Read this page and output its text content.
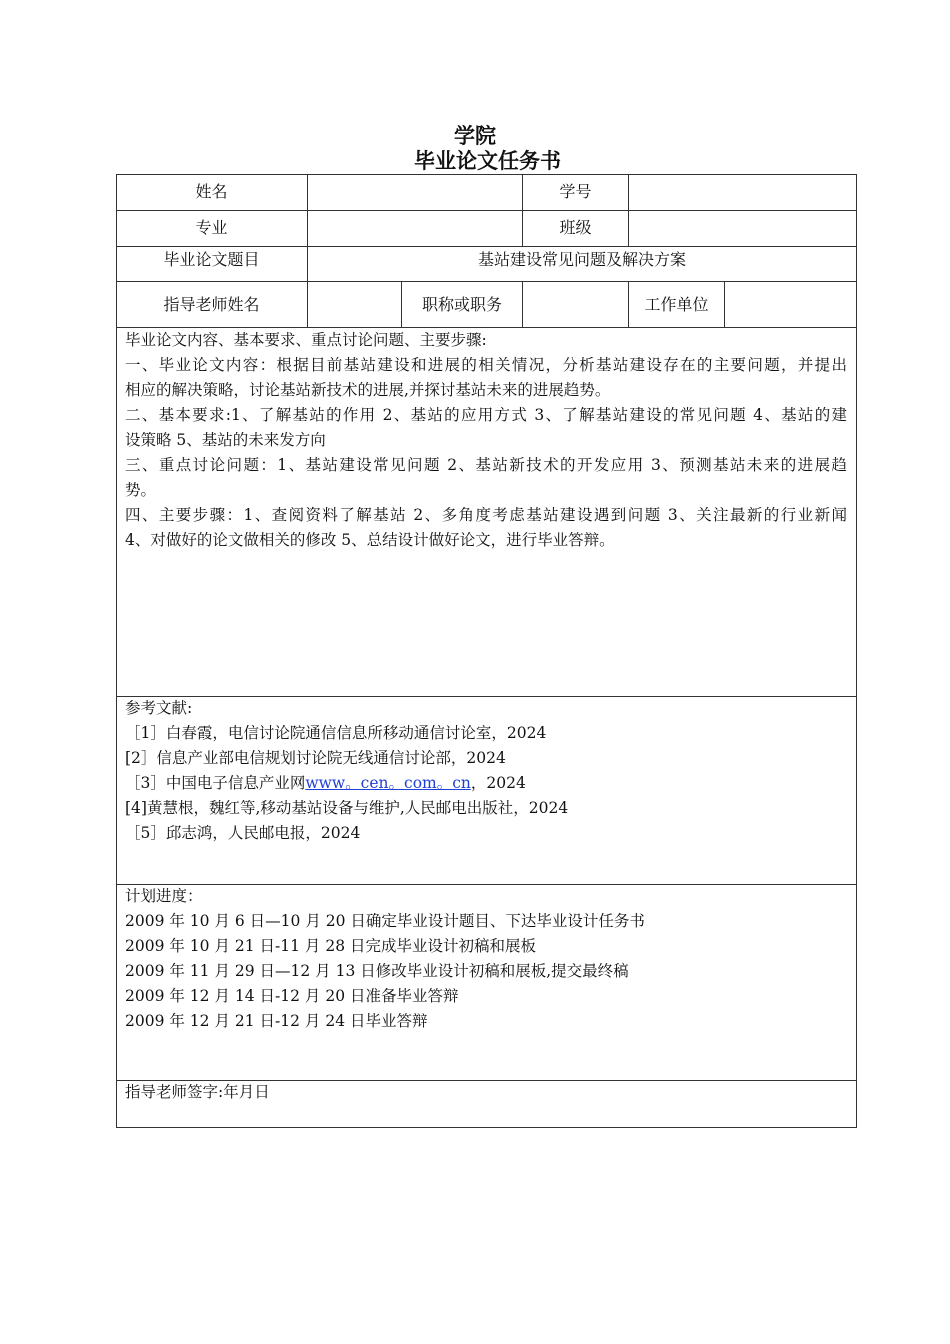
学院
毕业论文任务书
姓名	学号
专业	班级
毕业论文题目	基站建设常见问题及解决方案
指导老师姓名	职称或职务	工作单位
毕业论文内容、基本要求、重点讨论问题、主要步骤:
一、毕业论文内容：根据目前基站建设和进展的相关情况，分析基站建设存在的主要问题，并提出
相应的解决策略，讨论基站新技术的进展,并探讨基站未来的进展趋势。
二、基本要求:1、了解基站的作用 2、基站的应用方式 3、了解基站建设的常见问题 4、基站的建
设策略 5、基站的未来发方向
三、重点讨论问题：1、基站建设常见问题 2、基站新技术的开发应用 3、预测基站未来的进展趋
势。
四、主要步骤：1、查阅资料了解基站 2、多角度考虑基站建设遇到问题 3、关注最新的行业新闻
4、对做好的论文做相关的修改 5、总结设计做好论文，进行毕业答辩。
参考文献:
［1］白春霞，电信讨论院通信信息所移动通信讨论室，2024
[2］信息产业部电信规划讨论院无线通信讨论部，2024
［3］中国电子信息产业网www。cen。com。cn，2024
[4]黄慧根，魏红等,移动基站设备与维护,人民邮电出版社，2024
［5］邱志鸿，人民邮电报，2024
计划进度：
2009 年 10 月 6 日—10 月 20 日确定毕业设计题目、下达毕业设计任务书
2009 年 10 月 21 日-11 月 28 日完成毕业设计初稿和展板
2009 年 11 月 29 日—12 月 13 日修改毕业设计初稿和展板,提交最终稿
2009 年 12 月 14 日-12 月 20 日准备毕业答辩
2009 年 12 月 21 日-12 月 24 日毕业答辩
指导老师签字:年月日
